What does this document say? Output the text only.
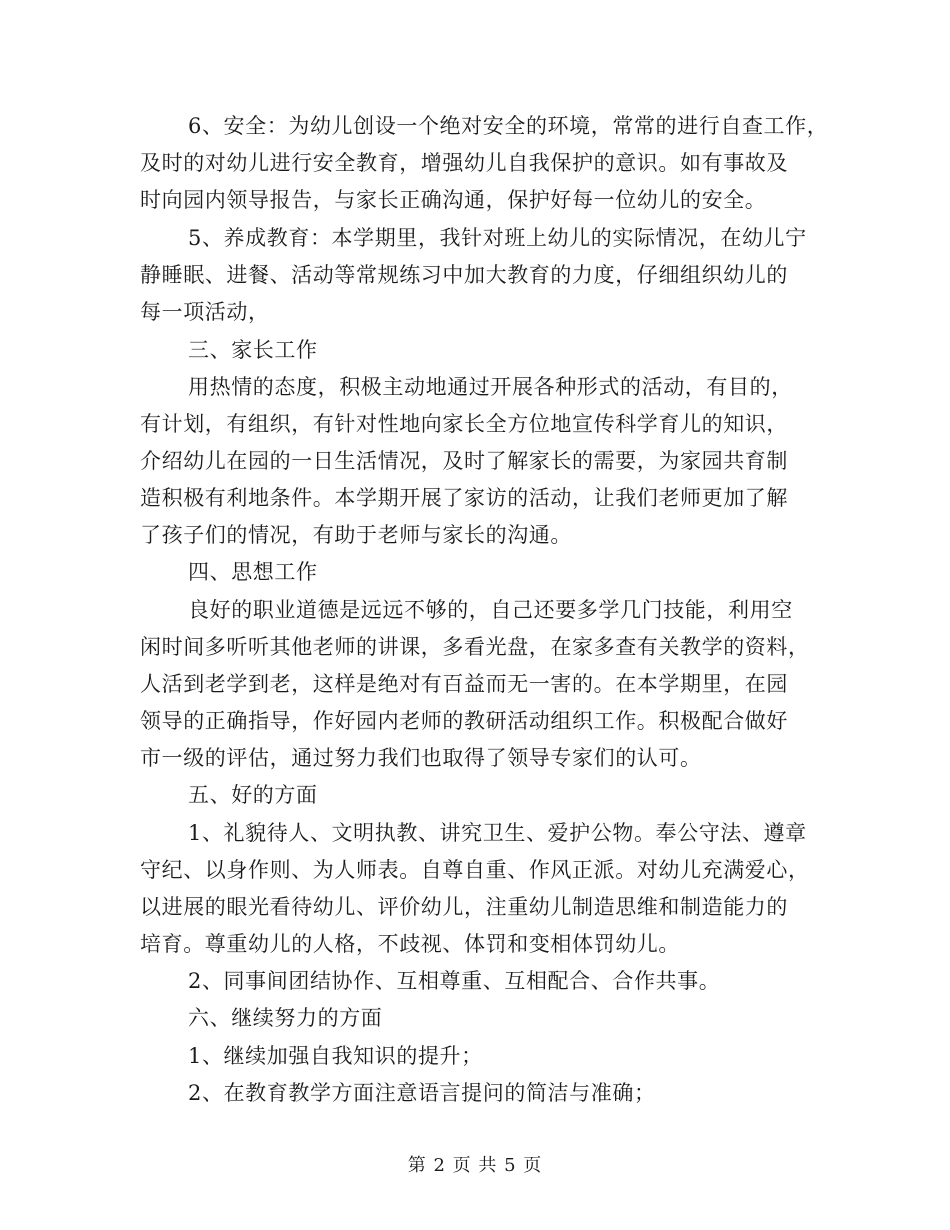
6、安全：为幼儿创设一个绝对安全的环境，常常的进行自查工作，
及时的对幼儿进行安全教育，增强幼儿自我保护的意识。如有事故及
时向园内领导报告，与家长正确沟通，保护好每一位幼儿的安全。
5、养成教育：本学期里，我针对班上幼儿的实际情况，在幼儿宁
静睡眠、进餐、活动等常规练习中加大教育的力度，仔细组织幼儿的
每一项活动，
三、家长工作
用热情的态度，积极主动地通过开展各种形式的活动，有目的，
有计划，有组织，有针对性地向家长全方位地宣传科学育儿的知识，
介绍幼儿在园的一日生活情况，及时了解家长的需要，为家园共育制
造积极有利地条件。本学期开展了家访的活动，让我们老师更加了解
了孩子们的情况，有助于老师与家长的沟通。
四、思想工作
良好的职业道德是远远不够的，自己还要多学几门技能，利用空
闲时间多听听其他老师的讲课，多看光盘，在家多查有关教学的资料，
人活到老学到老，这样是绝对有百益而无一害的。在本学期里，在园
领导的正确指导，作好园内老师的教研活动组织工作。积极配合做好
市一级的评估，通过努力我们也取得了领导专家们的认可。
五、好的方面
1、礼貌待人、文明执教、讲究卫生、爱护公物。奉公守法、遵章
守纪、以身作则、为人师表。自尊自重、作风正派。对幼儿充满爱心，
以进展的眼光看待幼儿、评价幼儿，注重幼儿制造思维和制造能力的
培育。尊重幼儿的人格，不歧视、体罚和变相体罚幼儿。
2、同事间团结协作、互相尊重、互相配合、合作共事。
六、继续努力的方面
1、继续加强自我知识的提升；
2、在教育教学方面注意语言提问的简洁与准确；
第 2 页 共 5 页
